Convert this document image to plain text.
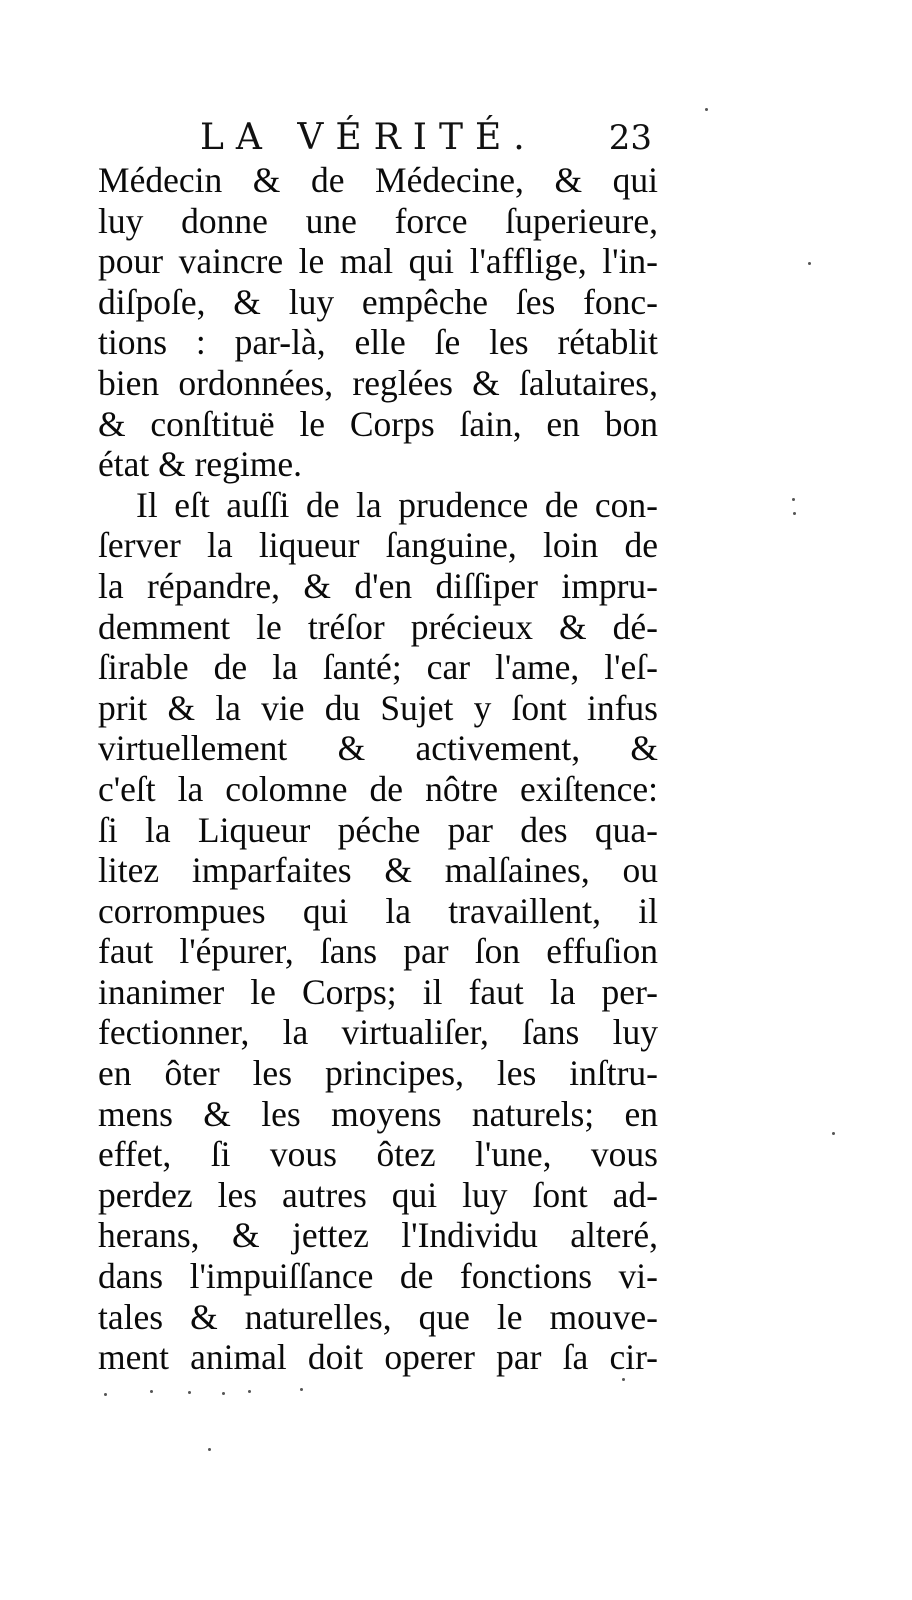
LA VÉRITÉ. 23
Médecin & de Médecine, & qui
luy donne une force ſuperieure,
pour vaincre le mal qui l'afflige, l'in-
diſpoſe, & luy empêche ſes fonc-
tions : par-là, elle ſe les rétablit
bien ordonnées, reglées & ſalutaires,
& conſtituë le Corps ſain, en bon
état & regime.
Il eſt auſſi de la prudence de con-
ſerver la liqueur ſanguine, loin de
la répandre, & d'en diſſiper impru-
demment le tréſor précieux & dé-
ſirable de la ſanté; car l'ame, l'eſ-
prit & la vie du Sujet y ſont infus
virtuellement & activement, &
c'eſt la colomne de nôtre exiſtence:
ſi la Liqueur péche par des qua-
litez imparfaites & malſaines, ou
corrompues qui la travaillent, il
faut l'épurer, ſans par ſon effuſion
inanimer le Corps; il faut la per-
fectionner, la virtualiſer, ſans luy
en ôter les principes, les inſtru-
mens & les moyens naturels; en
effet, ſi vous ôtez l'une, vous
perdez les autres qui luy ſont ad-
herans, & jettez l'Individu alteré,
dans l'impuiſſance de fonctions vi-
tales & naturelles, que le mouve-
ment animal doit operer par ſa cir-
